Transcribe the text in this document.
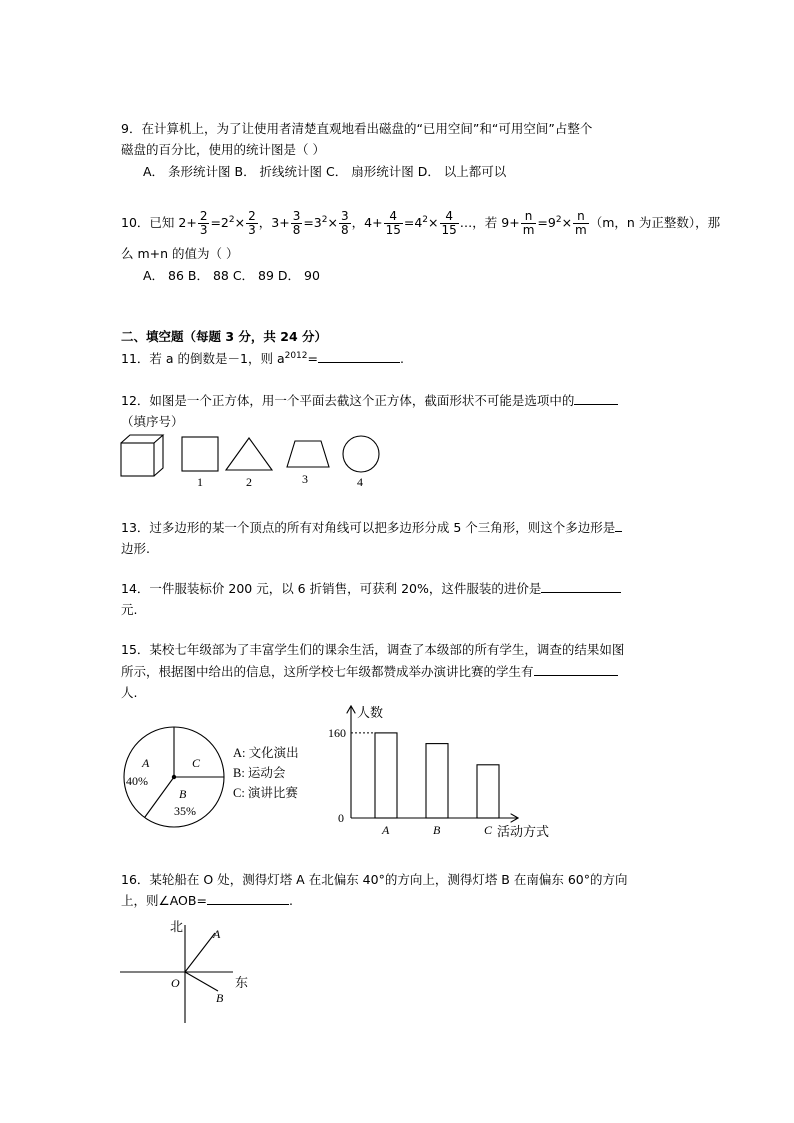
9．在计算机上，为了让使用者清楚直观地看出磁盘的“已用空间”和“可用空间”占整个
磁盘的百分比，使用的统计图是（ ）
A． 条形统计图 B． 折线统计图 C． 扇形统计图 D． 以上都可以
10．已知 $2+ \frac{2}{3} =2^2\times \frac{2}{3}$ ，$3+ \frac{3}{8} =3^2\times \frac{3}{8}$ ，$4+ \frac{4}{15} =4^2\times \frac{4}{15}$ …，若 $9+ \frac{n}{m} =9^2\times \frac{n}{m} (m$，n 为正整数），那
么 m+n 的值为（ ）
A． 86 B． 88 C． 89 D． 90
二、填空题（每题 3 分，共 24 分）
11．若 a 的倒数是－1，则 $a^{2012}=$	.
12．如图是一个正方体，用一个平面去截这个正方体，截面形状不可能是选项中的
（填序号）
1	2	3	4
13．过多边形的某一个顶点的所有对角线可以把多边形分成 5 个三角形，则这个多边形是
边形.
14．一件服装标价 200 元，以 6 折销售，可获利 20%，这件服装的进价是
元.
15．某校七年级部为了丰富学生们的课余生活，调查了本级部的所有学生，调查的结果如图
所示，根据图中给出的信息，这所学校七年级都赞成举办演讲比赛的学生有
人.
A
40%
B
35%
C
A: 文化演出
B: 运动会
C: 演讲比赛
人数
160
0
A	B	C 活动方式
16．某轮船在 O 处，测得灯塔 A 在北偏东 40°的方向上，测得灯塔 B 在南偏东 60°的方向
上，则∠AOB=	.
北
东
O
A
B
